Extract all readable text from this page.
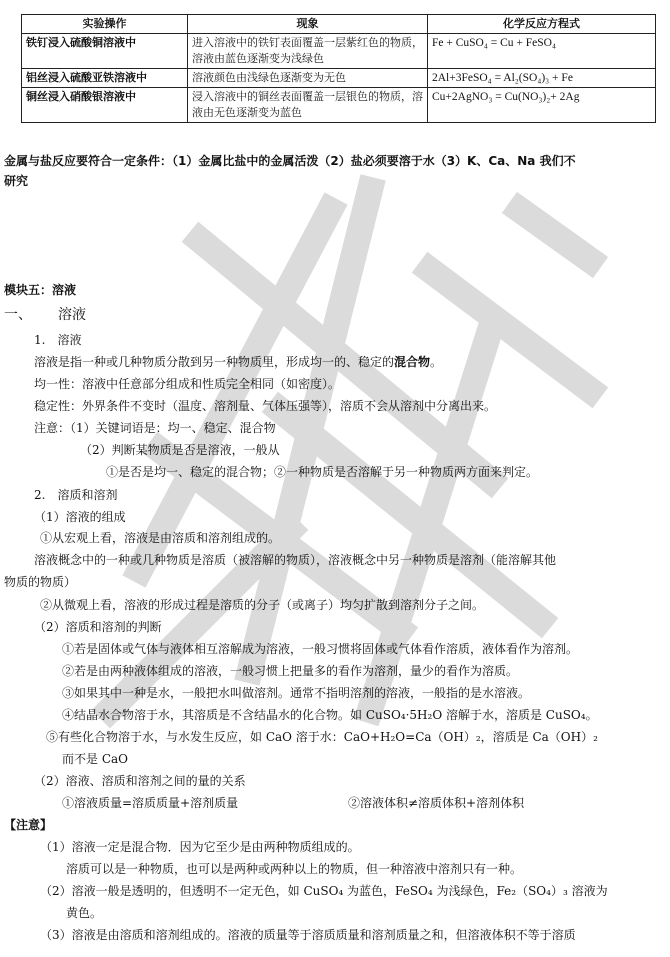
实验操作	现象	化学反应方程式
铁钉浸入硫酸铜溶液中	进入溶液中的铁钉表面覆盖一层紫红色的物质，溶液由蓝色逐渐变为浅绿色	Fe + CuSO₄ = Cu + FeSO₄
铝丝浸入硫酸亚铁溶液中	溶液颜色由浅绿色逐渐变为无色	2Al+3FeSO₄ = Al₂(SO₄)₃ + Fe
铜丝浸入硝酸银溶液中	浸入溶液中的铜丝表面覆盖一层银色的物质，溶液由无色逐渐变为蓝色	Cu+2AgNO₃ = Cu(NO₃)₂+ 2Ag
金属与盐反应要符合一定条件：（1）金属比盐中的金属活泼（2）盐必须要溶于水（3）K、Ca、Na 我们不
研究
模块五：溶液
一、 溶液
1.　溶液
溶液是指一种或几种物质分散到另一种物质里，形成均一的、稳定的混合物。
均一性：溶液中任意部分组成和性质完全相同（如密度）。
稳定性：外界条件不变时（温度、溶剂量、气体压强等），溶质不会从溶剂中分离出来。
注意：（1）关键词语是：均一、稳定、混合物
（2）判断某物质是否是溶液，一般从
①是否是均一、稳定的混合物；②一种物质是否溶解于另一种物质两方面来判定。
2.　溶质和溶剂
（1）溶液的组成
①从宏观上看，溶液是由溶质和溶剂组成的。
溶液概念中的一种或几种物质是溶质（被溶解的物质），溶液概念中另一种物质是溶剂（能溶解其他
物质的物质）
②从微观上看，溶液的形成过程是溶质的分子（或离子）均匀扩散到溶剂分子之间。
（2）溶质和溶剂的判断
①若是固体或气体与液体相互溶解成为溶液，一般习惯将固体或气体看作溶质，液体看作为溶剂。
②若是由两种液体组成的溶液，一般习惯上把量多的看作为溶剂，量少的看作为溶质。
③如果其中一种是水，一般把水叫做溶剂。通常不指明溶剂的溶液，一般指的是水溶液。
④结晶水合物溶于水，其溶质是不含结晶水的化合物。如 CuSO₄·5H₂O 溶解于水，溶质是 CuSO₄。
⑤有些化合物溶于水，与水发生反应，如 CaO 溶于水：CaO+H₂O=Ca（OH）₂，溶质是 Ca（OH）₂
而不是 CaO
（2）溶液、溶质和溶剂之间的量的关系
①溶液质量=溶质质量+溶剂质量	②溶液体积≠溶质体积+溶剂体积
【注意】
（1）溶液一定是混合物．因为它至少是由两种物质组成的。
溶质可以是一种物质，也可以是两种或两种以上的物质，但一种溶液中溶剂只有一种。
（2）溶液一般是透明的，但透明不一定无色，如 CuSO₄ 为蓝色，FeSO₄ 为浅绿色，Fe₂（SO₄）₃ 溶液为
黄色。
（3）溶液是由溶质和溶剂组成的。溶液的质量等于溶质质量和溶剂质量之和，但溶液体积不等于溶质
